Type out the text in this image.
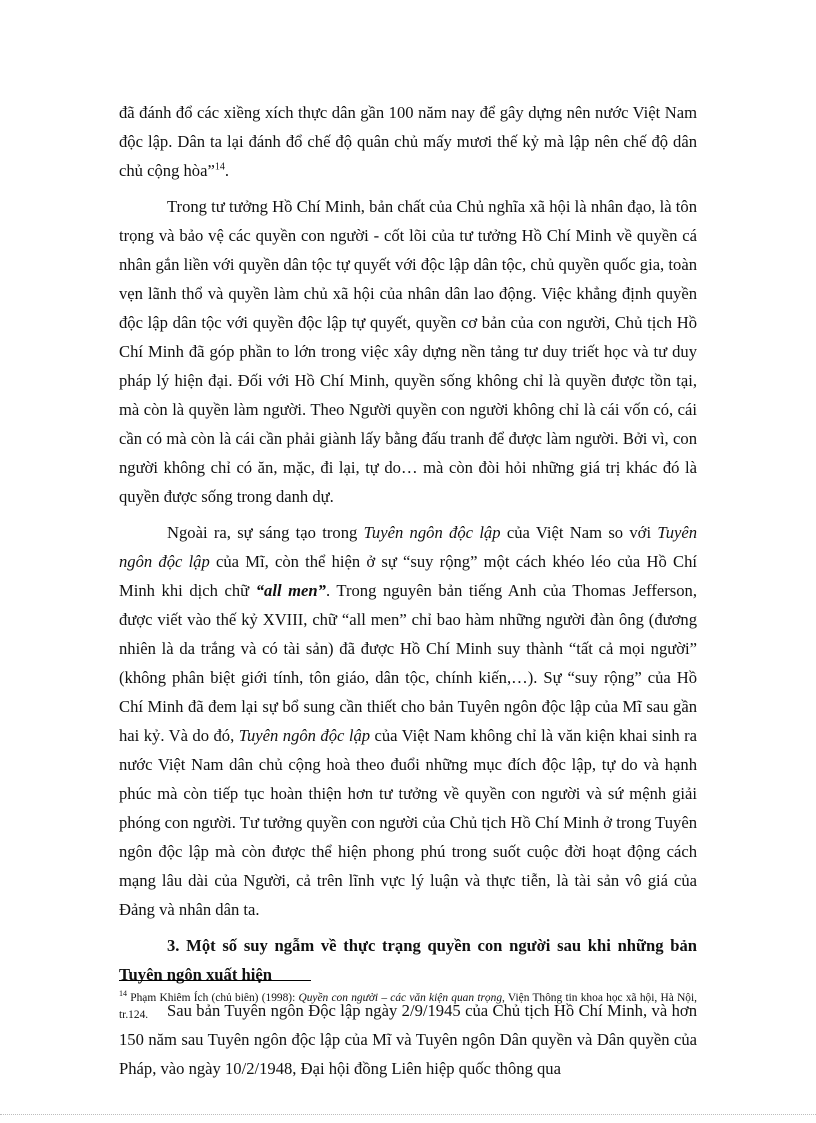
đã đánh đổ các xiềng xích thực dân gần 100 năm nay để gây dựng nên nước Việt Nam độc lập. Dân ta lại đánh đổ chế độ quân chủ mấy mươi thế kỷ mà lập nên chế độ dân chủ cộng hòa”$^{14}$.

Trong tư tưởng Hồ Chí Minh, bản chất của Chủ nghĩa xã hội là nhân đạo, là tôn trọng và bảo vệ các quyền con người - cốt lõi của tư tưởng Hồ Chí Minh về quyền cá nhân gắn liền với quyền dân tộc tự quyết với độc lập dân tộc, chủ quyền quốc gia, toàn vẹn lãnh thổ và quyền làm chủ xã hội của nhân dân lao động. Việc khẳng định quyền độc lập dân tộc với quyền độc lập tự quyết, quyền cơ bản của con người, Chủ tịch Hồ Chí Minh đã góp phần to lớn trong việc xây dựng nền tảng tư duy triết học và tư duy pháp lý hiện đại. Đối với Hồ Chí Minh, quyền sống không chỉ là quyền được tồn tại, mà còn là quyền làm người. Theo Người quyền con người không chỉ là cái vốn có, cái cần có mà còn là cái cần phải giành lấy bằng đấu tranh để được làm người. Bởi vì, con người không chỉ có ăn, mặc, đi lại, tự do… mà còn đòi hỏi những giá trị khác đó là quyền được sống trong danh dự.

Ngoài ra, sự sáng tạo trong Tuyên ngôn độc lập của Việt Nam so với Tuyên ngôn độc lập của Mĩ, còn thể hiện ở sự “suy rộng” một cách khéo léo của Hồ Chí Minh khi dịch chữ “all men”. Trong nguyên bản tiếng Anh của Thomas Jefferson, được viết vào thế kỷ XVIII, chữ “all men” chỉ bao hàm những người đàn ông (đương nhiên là da trắng và có tài sản) đã được Hồ Chí Minh suy thành “tất cả mọi người” (không phân biệt giới tính, tôn giáo, dân tộc, chính kiến,…). Sự “suy rộng” của Hồ Chí Minh đã đem lại sự bổ sung cần thiết cho bản Tuyên ngôn độc lập của Mĩ sau gần hai kỷ. Và do đó, Tuyên ngôn độc lập của Việt Nam không chỉ là văn kiện khai sinh ra nước Việt Nam dân chủ cộng hoà theo đuổi những mục đích độc lập, tự do và hạnh phúc mà còn tiếp tục hoàn thiện hơn tư tưởng về quyền con người và sứ mệnh giải phóng con người. Tư tưởng quyền con người của Chủ tịch Hồ Chí Minh ở trong Tuyên ngôn độc lập mà còn được thể hiện phong phú trong suốt cuộc đời hoạt động cách mạng lâu dài của Người, cả trên lĩnh vực lý luận và thực tiễn, là tài sản vô giá của Đảng và nhân dân ta.

3. Một số suy ngẫm về thực trạng quyền con người sau khi những bản Tuyên ngôn xuất hiện

Sau bản Tuyên ngôn Độc lập ngày 2/9/1945 của Chủ tịch Hồ Chí Minh, và hơn 150 năm sau Tuyên ngôn độc lập của Mĩ và Tuyên ngôn Dân quyền và Dân quyền của Pháp, vào ngày 10/2/1948, Đại hội đồng Liên hiệp quốc thông qua

$^{14}$ Phạm Khiêm Ích (chủ biên) (1998): Quyền con người – các văn kiện quan trọng, Viện Thông tin khoa học xã hội, Hà Nội, tr.124.
